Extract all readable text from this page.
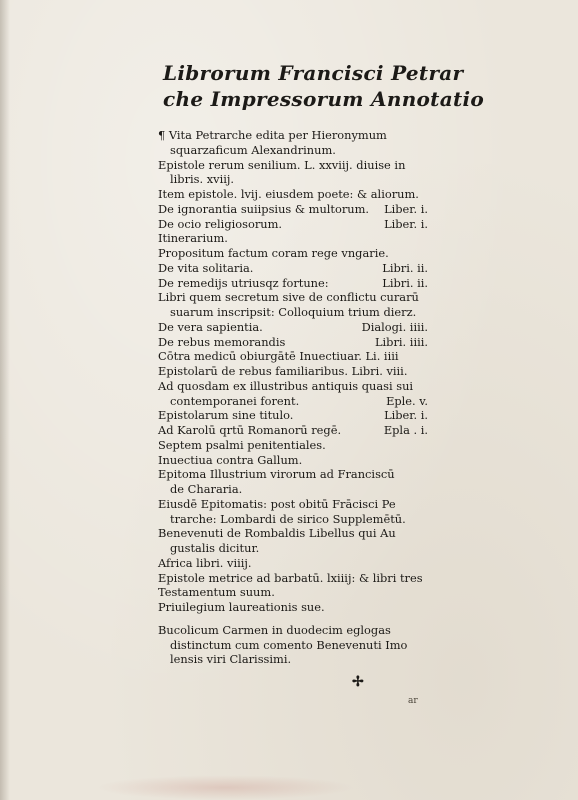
Librorum Francisci Petrar
che Impressorum Annotatio
¶ Vita Petrarche edita per Hieronymum
squarzaficum Alexandrinum.
Epistole rerum senilium. L. xxviij. diuise in
libris. xviij.
Item epistole. lvij. eiusdem poete: & aliorum.
De ignorantia suiipsius & multorum.	Liber. i.
De ocio religiosorum.	Liber. i.
Itinerarium.
Propositum factum coram rege vngarie.
De vita solitaria.	Libri. ii.
De remedijs utriusqz fortune:	Libri. ii.
Libri quem secretum sive de conflictu curarū
suarum inscripsit: Colloquium trium dierz.
De vera sapientia.	Dialogi. iiii.
De rebus memorandis	Libri. iiii.
Cōtra medicū obiurgātē Inuectiuar. Li. iiii
Epistolarū de rebus familiaribus. Libri. viii.
Ad quosdam ex illustribus antiquis quasi sui
contemporanei forent.	Eple. v.
Epistolarum sine titulo.	Liber. i.
Ad Karolū qrtū Romanorū regē.	Epla . i.
Septem psalmi penitentiales.
Inuectiua contra Gallum.
Epitoma Illustrium virorum ad Franciscū
de Chararia.
Eiusdē Epitomatis: post obitū Frācisci Pe
trarche: Lombardi de sirico Supplemētū.
Benevenuti de Rombaldis Libellus qui Au
gustalis dicitur.
Africa libri. viiij.
Epistole metrice ad barbatū. lxiiij: & libri tres
Testamentum suum.
Priuilegium laureationis sue.
Bucolicum Carmen in duodecim eglogas
distinctum cum comento Benevenuti Imo
lensis viri Clarissimi.
✢
ar
